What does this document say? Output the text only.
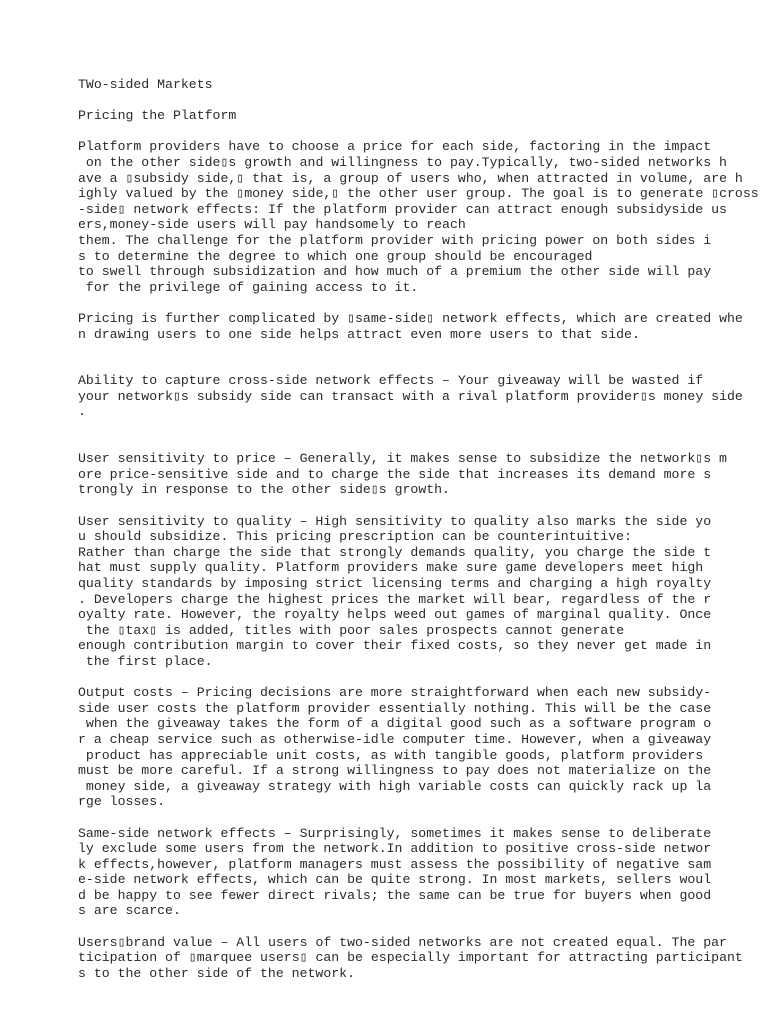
TWo-sided Markets
Pricing the Platform
Platform providers have to choose a price for each side, factoring in the impact
on the other side▯s growth and willingness to pay.Typically, two-sided networks h
ave a ▯subsidy side,▯ that is, a group of users who, when attracted in volume, are h
ighly valued by the ▯money side,▯ the other user group. The goal is to generate ▯cross
-side▯ network effects: If the platform provider can attract enough subsidyside us
ers,money-side users will pay handsomely to reach
them. The challenge for the platform provider with pricing power on both sides i
s to determine the degree to which one group should be encouraged
to swell through subsidization and how much of a premium the other side will pay
for the privilege of gaining access to it.
Pricing is further complicated by ▯same-side▯ network effects, which are created whe
n drawing users to one side helps attract even more users to that side.
Ability to capture cross-side network effects – Your giveaway will be wasted if
your network▯s subsidy side can transact with a rival platform provider▯s money side
.
User sensitivity to price – Generally, it makes sense to subsidize the network▯s m
ore price-sensitive side and to charge the side that increases its demand more s
trongly in response to the other side▯s growth.
User sensitivity to quality – High sensitivity to quality also marks the side yo
u should subsidize. This pricing prescription can be counterintuitive:
Rather than charge the side that strongly demands quality, you charge the side t
hat must supply quality. Platform providers make sure game developers meet high
quality standards by imposing strict licensing terms and charging a high royalty
. Developers charge the highest prices the market will bear, regardless of the r
oyalty rate. However, the royalty helps weed out games of marginal quality. Once
the ▯tax▯ is added, titles with poor sales prospects cannot generate
enough contribution margin to cover their fixed costs, so they never get made in
the first place.
Output costs – Pricing decisions are more straightforward when each new subsidy-
side user costs the platform provider essentially nothing. This will be the case
when the giveaway takes the form of a digital good such as a software program o
r a cheap service such as otherwise-idle computer time. However, when a giveaway
product has appreciable unit costs, as with tangible goods, platform providers
must be more careful. If a strong willingness to pay does not materialize on the
money side, a giveaway strategy with high variable costs can quickly rack up la
rge losses.
Same-side network effects – Surprisingly, sometimes it makes sense to deliberate
ly exclude some users from the network.In addition to positive cross-side networ
k effects,however, platform managers must assess the possibility of negative sam
e-side network effects, which can be quite strong. In most markets, sellers woul
d be happy to see fewer direct rivals; the same can be true for buyers when good
s are scarce.
Users▯brand value – All users of two-sided networks are not created equal. The par
ticipation of ▯marquee users▯ can be especially important for attracting participant
s to the other side of the network.
